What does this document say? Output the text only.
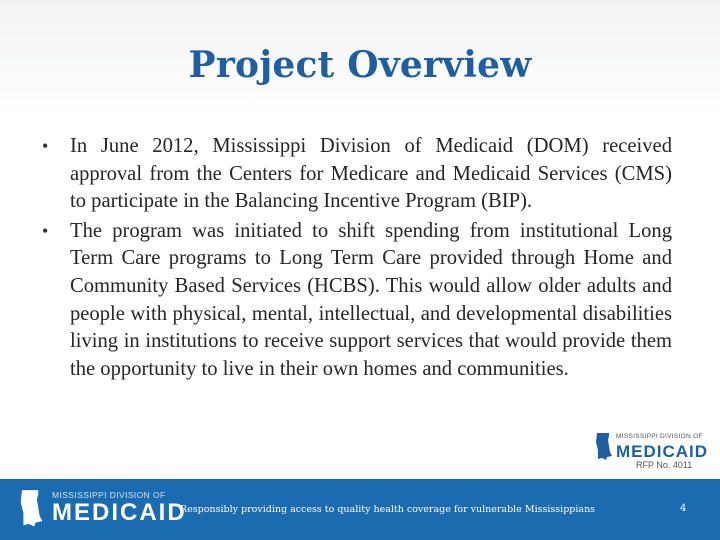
Project Overview
• In June 2012, Mississippi Division of Medicaid (DOM) received approval from the Centers for Medicare and Medicaid Services (CMS) to participate in the Balancing Incentive Program (BIP).
• The program was initiated to shift spending from institutional Long Term Care programs to Long Term Care provided through Home and Community Based Services (HCBS). This would allow older adults and people with physical, mental, intellectual, and developmental disabilities living in institutions to receive support services that would provide them the opportunity to live in their own homes and communities.
MISSISSIPPI DIVISION OF
MEDICAID
RFP No. 4011
MISSISSIPPI DIVISION OF
MEDICAID
Responsibly providing access to quality health coverage for vulnerable Mississippians	4
